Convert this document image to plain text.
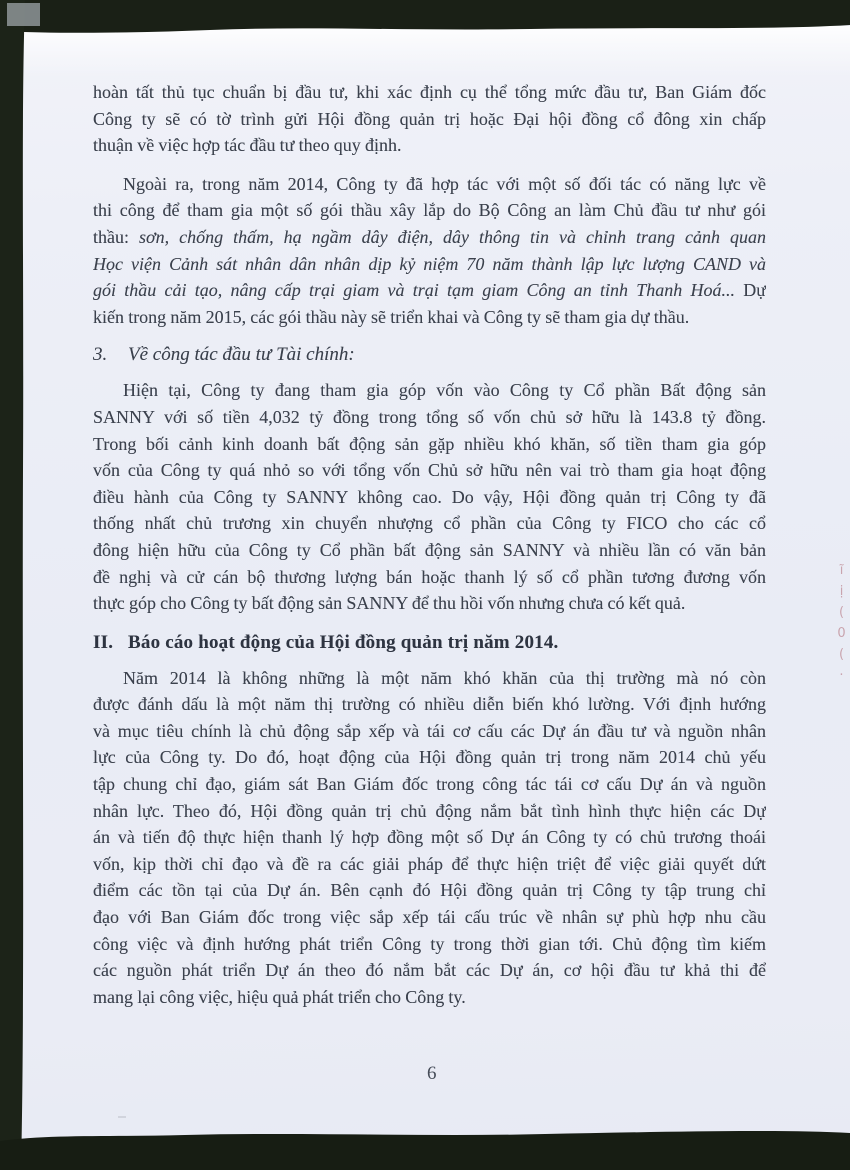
hoàn tất thủ tục chuẩn bị đầu tư, khi xác định cụ thể tổng mức đầu tư, Ban Giám đốc
Công ty sẽ có tờ trình gửi Hội đồng quản trị hoặc Đại hội đồng cổ đông xin chấp
thuận về việc hợp tác đầu tư theo quy định.
Ngoài ra, trong năm 2014, Công ty đã hợp tác với một số đối tác có năng lực về
thi công để tham gia một số gói thầu xây lắp do Bộ Công an làm Chủ đầu tư như gói
thầu: sơn, chống thấm, hạ ngầm dây điện, dây thông tin và chỉnh trang cảnh quan
Học viện Cảnh sát nhân dân nhân dịp kỷ niệm 70 năm thành lập lực lượng CAND và
gói thầu cải tạo, nâng cấp trại giam và trại tạm giam Công an tỉnh Thanh Hoá... Dự
kiến trong năm 2015, các gói thầu này sẽ triển khai và Công ty sẽ tham gia dự thầu.
3.	Về công tác đầu tư Tài chính:
Hiện tại, Công ty đang tham gia góp vốn vào Công ty Cổ phần Bất động sản
SANNY với số tiền 4,032 tỷ đồng trong tổng số vốn chủ sở hữu là 143.8 tỷ đồng.
Trong bối cảnh kinh doanh bất động sản gặp nhiều khó khăn, số tiền tham gia góp
vốn của Công ty quá nhỏ so với tổng vốn Chủ sở hữu nên vai trò tham gia hoạt động
điều hành của Công ty SANNY không cao. Do vậy, Hội đồng quản trị Công ty đã
thống nhất chủ trương xin chuyển nhượng cổ phần của Công ty FICO cho các cổ
đông hiện hữu của Công ty Cổ phần bất động sản SANNY và nhiều lần có văn bản
đề nghị và cử cán bộ thương lượng bán hoặc thanh lý số cổ phần tương đương vốn
thực góp cho Công ty bất động sản SANNY để thu hồi vốn nhưng chưa có kết quả.
II. Báo cáo hoạt động của Hội đồng quản trị năm 2014.
Năm 2014 là không những là một năm khó khăn của thị trường mà nó còn
được đánh dấu là một năm thị trường có nhiều diễn biến khó lường. Với định hướng
và mục tiêu chính là chủ động sắp xếp và tái cơ cấu các Dự án đầu tư và nguồn nhân
lực của Công ty. Do đó, hoạt động của Hội đồng quản trị trong năm 2014 chủ yếu
tập chung chỉ đạo, giám sát Ban Giám đốc trong công tác tái cơ cấu Dự án và nguồn
nhân lực. Theo đó, Hội đồng quản trị chủ động nắm bắt tình hình thực hiện các Dự
án và tiến độ thực hiện thanh lý hợp đồng một số Dự án Công ty có chủ trương thoái
vốn, kịp thời chỉ đạo và đề ra các giải pháp để thực hiện triệt để việc giải quyết dứt
điểm các tồn tại của Dự án. Bên cạnh đó Hội đồng quản trị Công ty tập trung chỉ
đạo với Ban Giám đốc trong việc sắp xếp tái cấu trúc về nhân sự phù hợp nhu cầu
công việc và định hướng phát triển Công ty trong thời gian tới. Chủ động tìm kiếm
các nguồn phát triển Dự án theo đó nắm bắt các Dự án, cơ hội đầu tư khả thi để
mang lại công việc, hiệu quả phát triển cho Công ty.
6
ĩ
ị
(
0
(
·
